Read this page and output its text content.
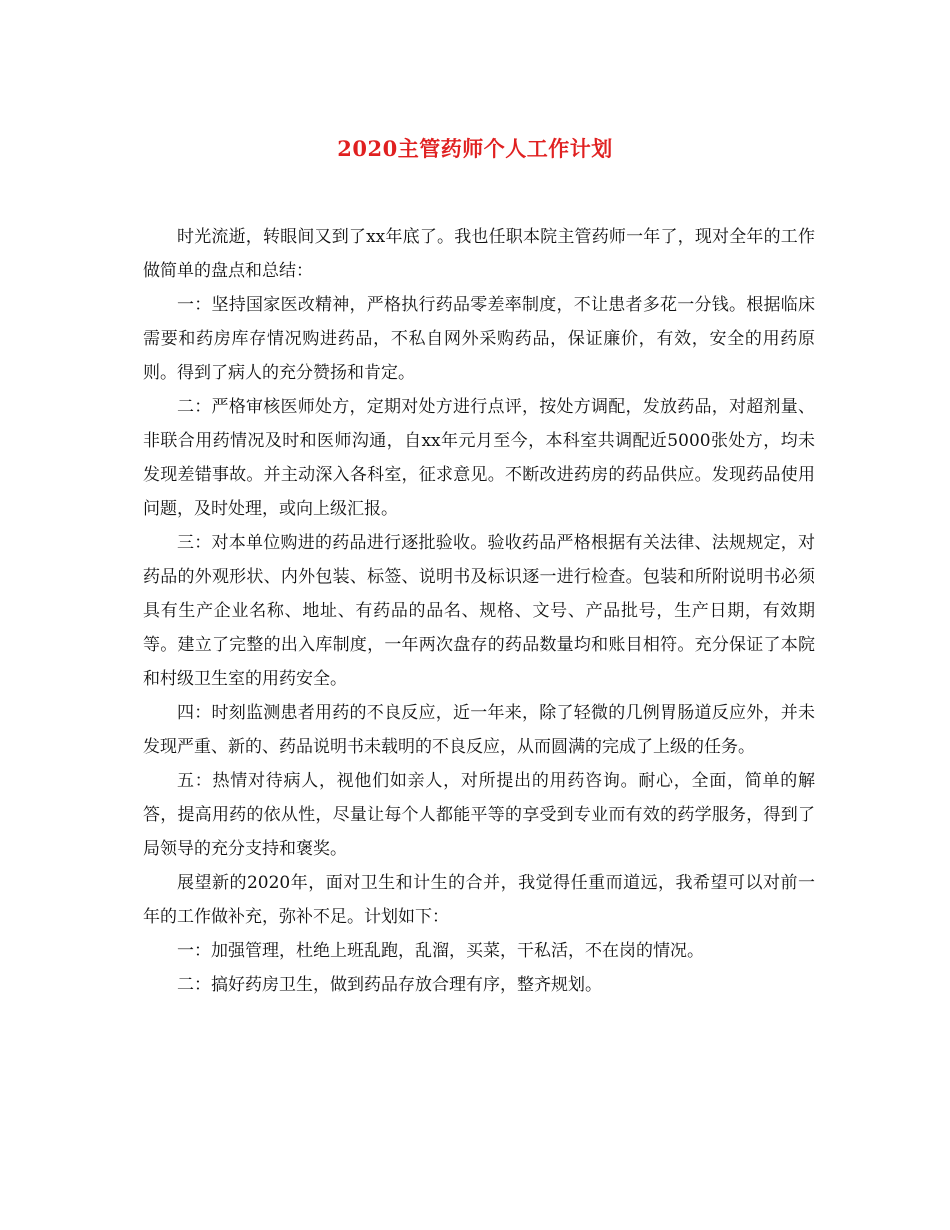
2020主管药师个人工作计划

时光流逝，转眼间又到了xx年底了。我也任职本院主管药师一年了，现对全年的工作做简单的盘点和总结：

一：坚持国家医改精神，严格执行药品零差率制度，不让患者多花一分钱。根据临床需要和药房库存情况购进药品，不私自网外采购药品，保证廉价，有效，安全的用药原则。得到了病人的充分赞扬和肯定。

二：严格审核医师处方，定期对处方进行点评，按处方调配，发放药品，对超剂量、非联合用药情况及时和医师沟通，自xx年元月至今，本科室共调配近5000张处方，均未发现差错事故。并主动深入各科室，征求意见。不断改进药房的药品供应。发现药品使用问题，及时处理，或向上级汇报。

三：对本单位购进的药品进行逐批验收。验收药品严格根据有关法律、法规规定，对药品的外观形状、内外包装、标签、说明书及标识逐一进行检查。包装和所附说明书必须具有生产企业名称、地址、有药品的品名、规格、文号、产品批号，生产日期，有效期等。建立了完整的出入库制度，一年两次盘存的药品数量均和账目相符。充分保证了本院和村级卫生室的用药安全。

四：时刻监测患者用药的不良反应，近一年来，除了轻微的几例胃肠道反应外，并未发现严重、新的、药品说明书未载明的不良反应，从而圆满的完成了上级的任务。

五：热情对待病人，视他们如亲人，对所提出的用药咨询。耐心，全面，简单的解答，提高用药的依从性，尽量让每个人都能平等的享受到专业而有效的药学服务，得到了局领导的充分支持和褒奖。

展望新的2020年，面对卫生和计生的合并，我觉得任重而道远，我希望可以对前一年的工作做补充，弥补不足。计划如下：

一：加强管理，杜绝上班乱跑，乱溜，买菜，干私活，不在岗的情况。

二：搞好药房卫生，做到药品存放合理有序，整齐规划。
